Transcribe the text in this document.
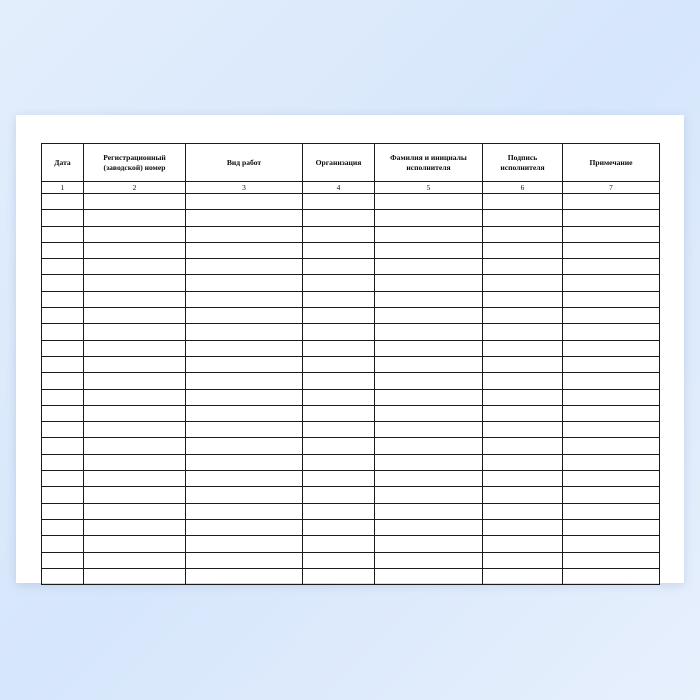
Дата	Регистрационный (заводской) номер	Вид работ	Организация	Фамилия и инициалы исполнителя	Подпись исполнителя	Примечание
1	2	3	4	5	6	7
